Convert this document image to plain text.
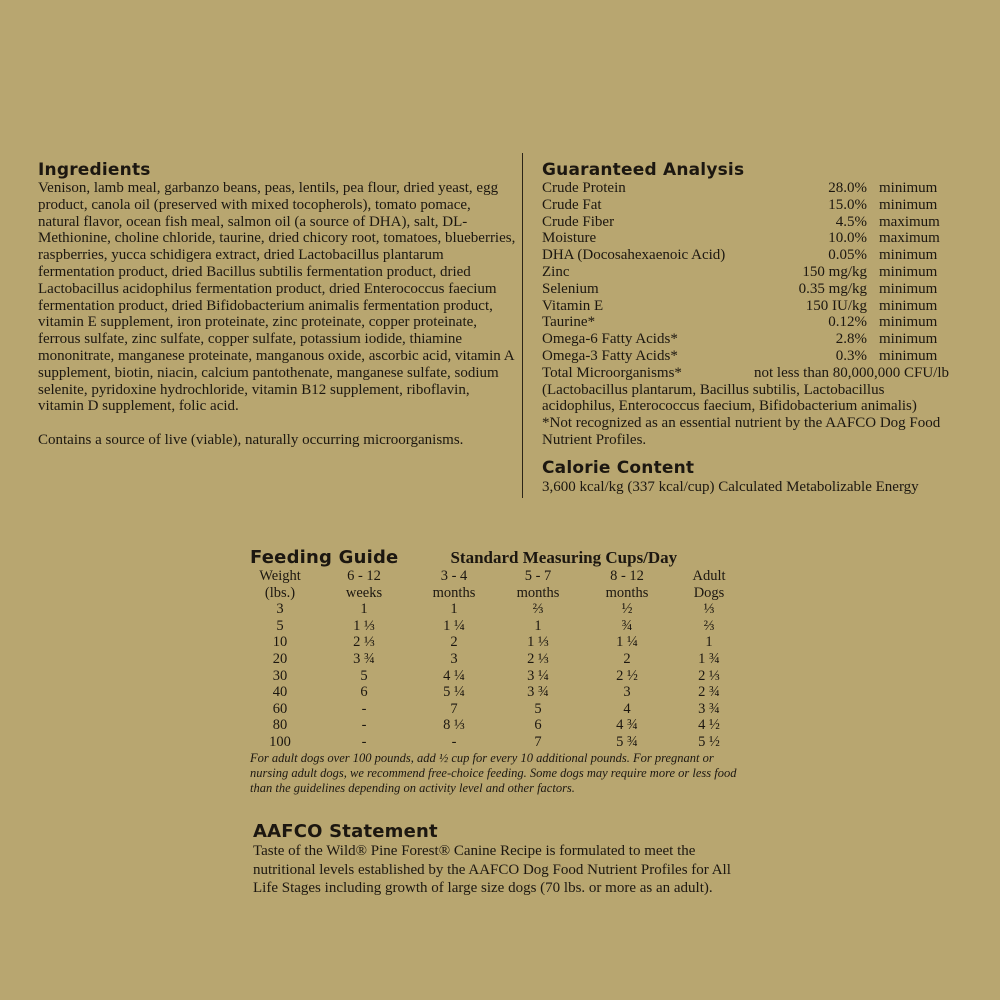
Ingredients
Venison, lamb meal, garbanzo beans, peas, lentils, pea flour, dried yeast, egg product, canola oil (preserved with mixed tocopherols), tomato pomace, natural flavor, ocean fish meal, salmon oil (a source of DHA), salt, DL-Methionine, choline chloride, taurine, dried chicory root, tomatoes, blueberries, raspberries, yucca schidigera extract, dried Lactobacillus plantarum fermentation product, dried Bacillus subtilis fermentation product, dried Lactobacillus acidophilus fermentation product, dried Enterococcus faecium fermentation product, dried Bifidobacterium animalis fermentation product, vitamin E supplement, iron proteinate, zinc proteinate, copper proteinate, ferrous sulfate, zinc sulfate, copper sulfate, potassium iodide, thiamine mononitrate, manganese proteinate, manganous oxide, ascorbic acid, vitamin A supplement, biotin, niacin, calcium pantothenate, manganese sulfate, sodium selenite, pyridoxine hydrochloride, vitamin B12 supplement, riboflavin, vitamin D supplement, folic acid.
Contains a source of live (viable), naturally occurring microorganisms.
Guaranteed Analysis
Crude Protein	28.0%	minimum
Crude Fat	15.0%	minimum
Crude Fiber	4.5%	maximum
Moisture	10.0%	maximum
DHA (Docosahexaenoic Acid)	0.05%	minimum
Zinc	150 mg/kg	minimum
Selenium	0.35 mg/kg	minimum
Vitamin E	150 IU/kg	minimum
Taurine*	0.12%	minimum
Omega-6 Fatty Acids*	2.8%	minimum
Omega-3 Fatty Acids*	0.3%	minimum
Total Microorganisms*	not less than 80,000,000 CFU/lb
(Lactobacillus plantarum, Bacillus subtilis, Lactobacillus acidophilus, Enterococcus faecium, Bifidobacterium animalis)
*Not recognized as an essential nutrient by the AAFCO Dog Food Nutrient Profiles.
Calorie Content
3,600 kcal/kg (337 kcal/cup) Calculated Metabolizable Energy
Feeding Guide	Standard Measuring Cups/Day
Weight	6 - 12	3 - 4	5 - 7	8 - 12	Adult
(lbs.)	weeks	months	months	months	Dogs
3	1	1	⅔	½	⅓
5	1 ⅓	1 ¼	1	¾	⅔
10	2 ⅓	2	1 ⅓	1 ¼	1
20	3 ¾	3	2 ⅓	2	1 ¾
30	5	4 ¼	3 ¼	2 ½	2 ⅓
40	6	5 ¼	3 ¾	3	2 ¾
60	-	7	5	4	3 ¾
80	-	8 ⅓	6	4 ¾	4 ½
100	-	-	7	5 ¾	5 ½
For adult dogs over 100 pounds, add ½ cup for every 10 additional pounds. For pregnant or nursing adult dogs, we recommend free-choice feeding. Some dogs may require more or less food than the guidelines depending on activity level and other factors.
AAFCO Statement
Taste of the Wild® Pine Forest® Canine Recipe is formulated to meet the nutritional levels established by the AAFCO Dog Food Nutrient Profiles for All Life Stages including growth of large size dogs (70 lbs. or more as an adult).
